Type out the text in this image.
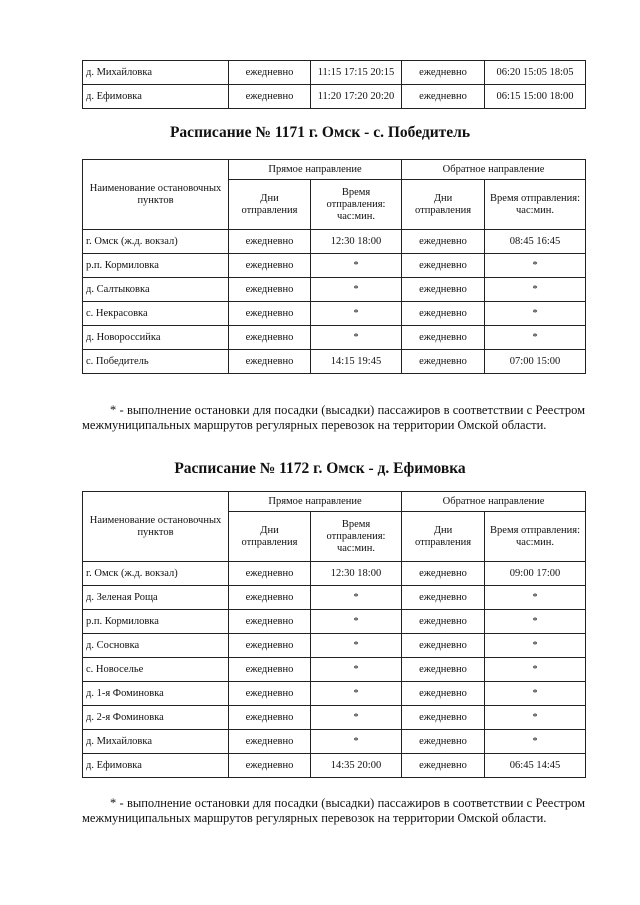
д. Михайловка	ежедневно	11:15 17:15 20:15	ежедневно	06:20 15:05 18:05
д. Ефимовка	ежедневно	11:20 17:20 20:20	ежедневно	06:15 15:00 18:00
Расписание № 1171 г. Омск - с. Победитель
Наименование остановочных пунктов	Прямое направление		Обратное направление	
	Дни отправления	Время отправления: час:мин.	Дни отправления	Время отправления: час:мин.
г. Омск (ж.д. вокзал)	ежедневно	12:30 18:00	ежедневно	08:45 16:45
р.п. Кормиловка	ежедневно	*	ежедневно	*
д. Салтыковка	ежедневно	*	ежедневно	*
с. Некрасовка	ежедневно	*	ежедневно	*
д. Новороссийка	ежедневно	*	ежедневно	*
с. Победитель	ежедневно	14:15 19:45	ежедневно	07:00 15:00

* - выполнение остановки для посадки (высадки) пассажиров в соответствии с Реестром межмуниципальных маршрутов регулярных перевозок на территории Омской области.

Расписание № 1172 г. Омск - д. Ефимовка
Наименование остановочных пунктов	Прямое направление		Обратное направление	
	Дни отправления	Время отправления: час:мин.	Дни отправления	Время отправления: час:мин.
г. Омск (ж.д. вокзал)	ежедневно	12:30 18:00	ежедневно	09:00 17:00
д. Зеленая Роща	ежедневно	*	ежедневно	*
р.п. Кормиловка	ежедневно	*	ежедневно	*
д. Сосновка	ежедневно	*	ежедневно	*
с. Новоселье	ежедневно	*	ежедневно	*
д. 1-я Фоминовка	ежедневно	*	ежедневно	*
д. 2-я Фоминовка	ежедневно	*	ежедневно	*
д. Михайловка	ежедневно	*	ежедневно	*
д. Ефимовка	ежедневно	14:35 20:00	ежедневно	06:45 14:45

* - выполнение остановки для посадки (высадки) пассажиров в соответствии с Реестром межмуниципальных маршрутов регулярных перевозок на территории Омской области.
